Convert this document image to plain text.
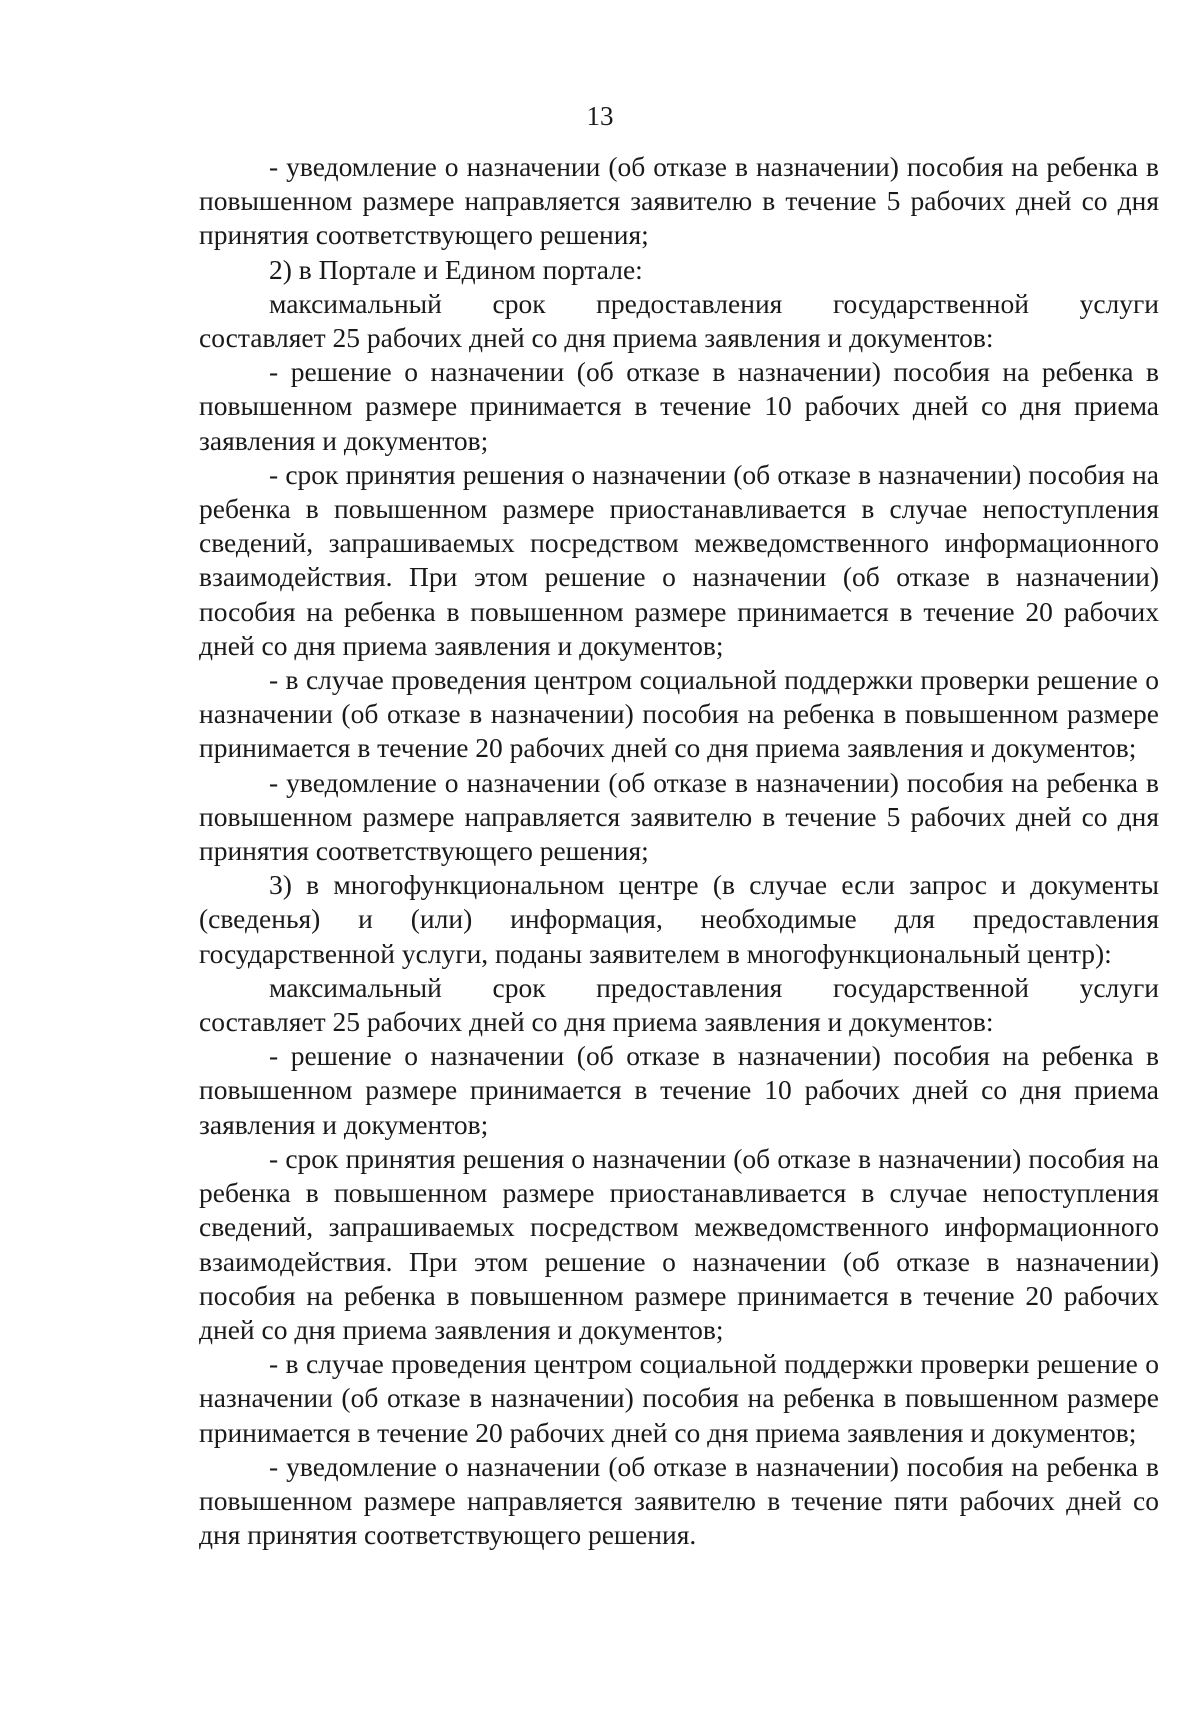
13

- уведомление о назначении (об отказе в назначении) пособия на ребенка в повышенном размере направляется заявителю в течение 5 рабочих дней со дня принятия соответствующего решения;

2) в Портале и Едином портале:

максимальный срок предоставления государственной услуги

составляет 25 рабочих дней со дня приема заявления и документов:

- решение о назначении (об отказе в назначении) пособия на ребенка в повышенном размере принимается в течение 10 рабочих дней со дня приема заявления и документов;

- срок принятия решения о назначении (об отказе в назначении) пособия на ребенка в повышенном размере приостанавливается в случае непоступления сведений, запрашиваемых посредством межведомственного информационного взаимодействия. При этом решение о назначении (об отказе в назначении) пособия на ребенка в повышенном размере принимается в течение 20 рабочих дней со дня приема заявления и документов;

- в случае проведения центром социальной поддержки проверки решение о назначении (об отказе в назначении) пособия на ребенка в повышенном размере принимается в течение 20 рабочих дней со дня приема заявления и документов;

- уведомление о назначении (об отказе в назначении) пособия на ребенка в повышенном размере направляется заявителю в течение 5 рабочих дней со дня принятия соответствующего решения;

3) в многофункциональном центре (в случае если запрос и документы (сведенья) и (или) информация, необходимые для предоставления государственной услуги, поданы заявителем в многофункциональный центр):

максимальный срок предоставления государственной услуги

составляет 25 рабочих дней со дня приема заявления и документов:

- решение о назначении (об отказе в назначении) пособия на ребенка в повышенном размере принимается в течение 10 рабочих дней со дня приема заявления и документов;

- срок принятия решения о назначении (об отказе в назначении) пособия на ребенка в повышенном размере приостанавливается в случае непоступления сведений, запрашиваемых посредством межведомственного информационного взаимодействия. При этом решение о назначении (об отказе в назначении) пособия на ребенка в повышенном размере принимается в течение 20 рабочих дней со дня приема заявления и документов;

- в случае проведения центром социальной поддержки проверки решение о назначении (об отказе в назначении) пособия на ребенка в повышенном размере принимается в течение 20 рабочих дней со дня приема заявления и документов;

- уведомление о назначении (об отказе в назначении) пособия на ребенка в повышенном размере направляется заявителю в течение пяти рабочих дней со дня принятия соответствующего решения.
